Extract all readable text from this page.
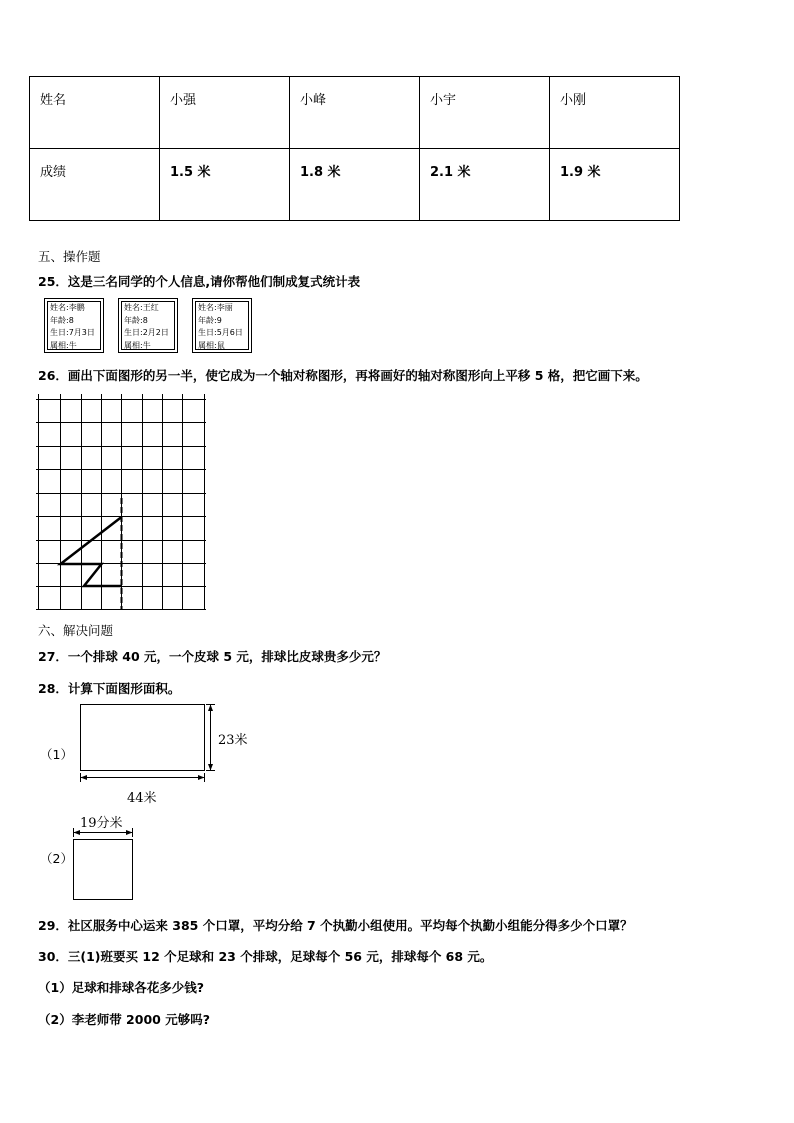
姓名	小强	小峰	小宇	小刚
成绩	1.5 米	1.8 米	2.1 米	1.9 米
五、操作题
25．这是三名同学的个人信息,请你帮他们制成复式统计表
姓名:李鹏
年龄:8
生日:7月3日
属相:牛
姓名:王红
年龄:8
生日:2月2日
属相:牛
姓名:李丽
年龄:9
生日:5月6日
属相:鼠
26．画出下面图形的另一半，使它成为一个轴对称图形，再将画好的轴对称图形向上平移 5 格，把它画下来。
六、解决问题
27．一个排球 40 元，一个皮球 5 元，排球比皮球贵多少元？
28．计算下面图形面积。
（1）
23米
44米
19分米
（2）
29．社区服务中心运来 385 个口罩，平均分给 7 个执勤小组使用。平均每个执勤小组能分得多少个口罩？
30．三(1)班要买 12 个足球和 23 个排球，足球每个 56 元，排球每个 68 元。
（1）足球和排球各花多少钱?
（2）李老师带 2000 元够吗?
